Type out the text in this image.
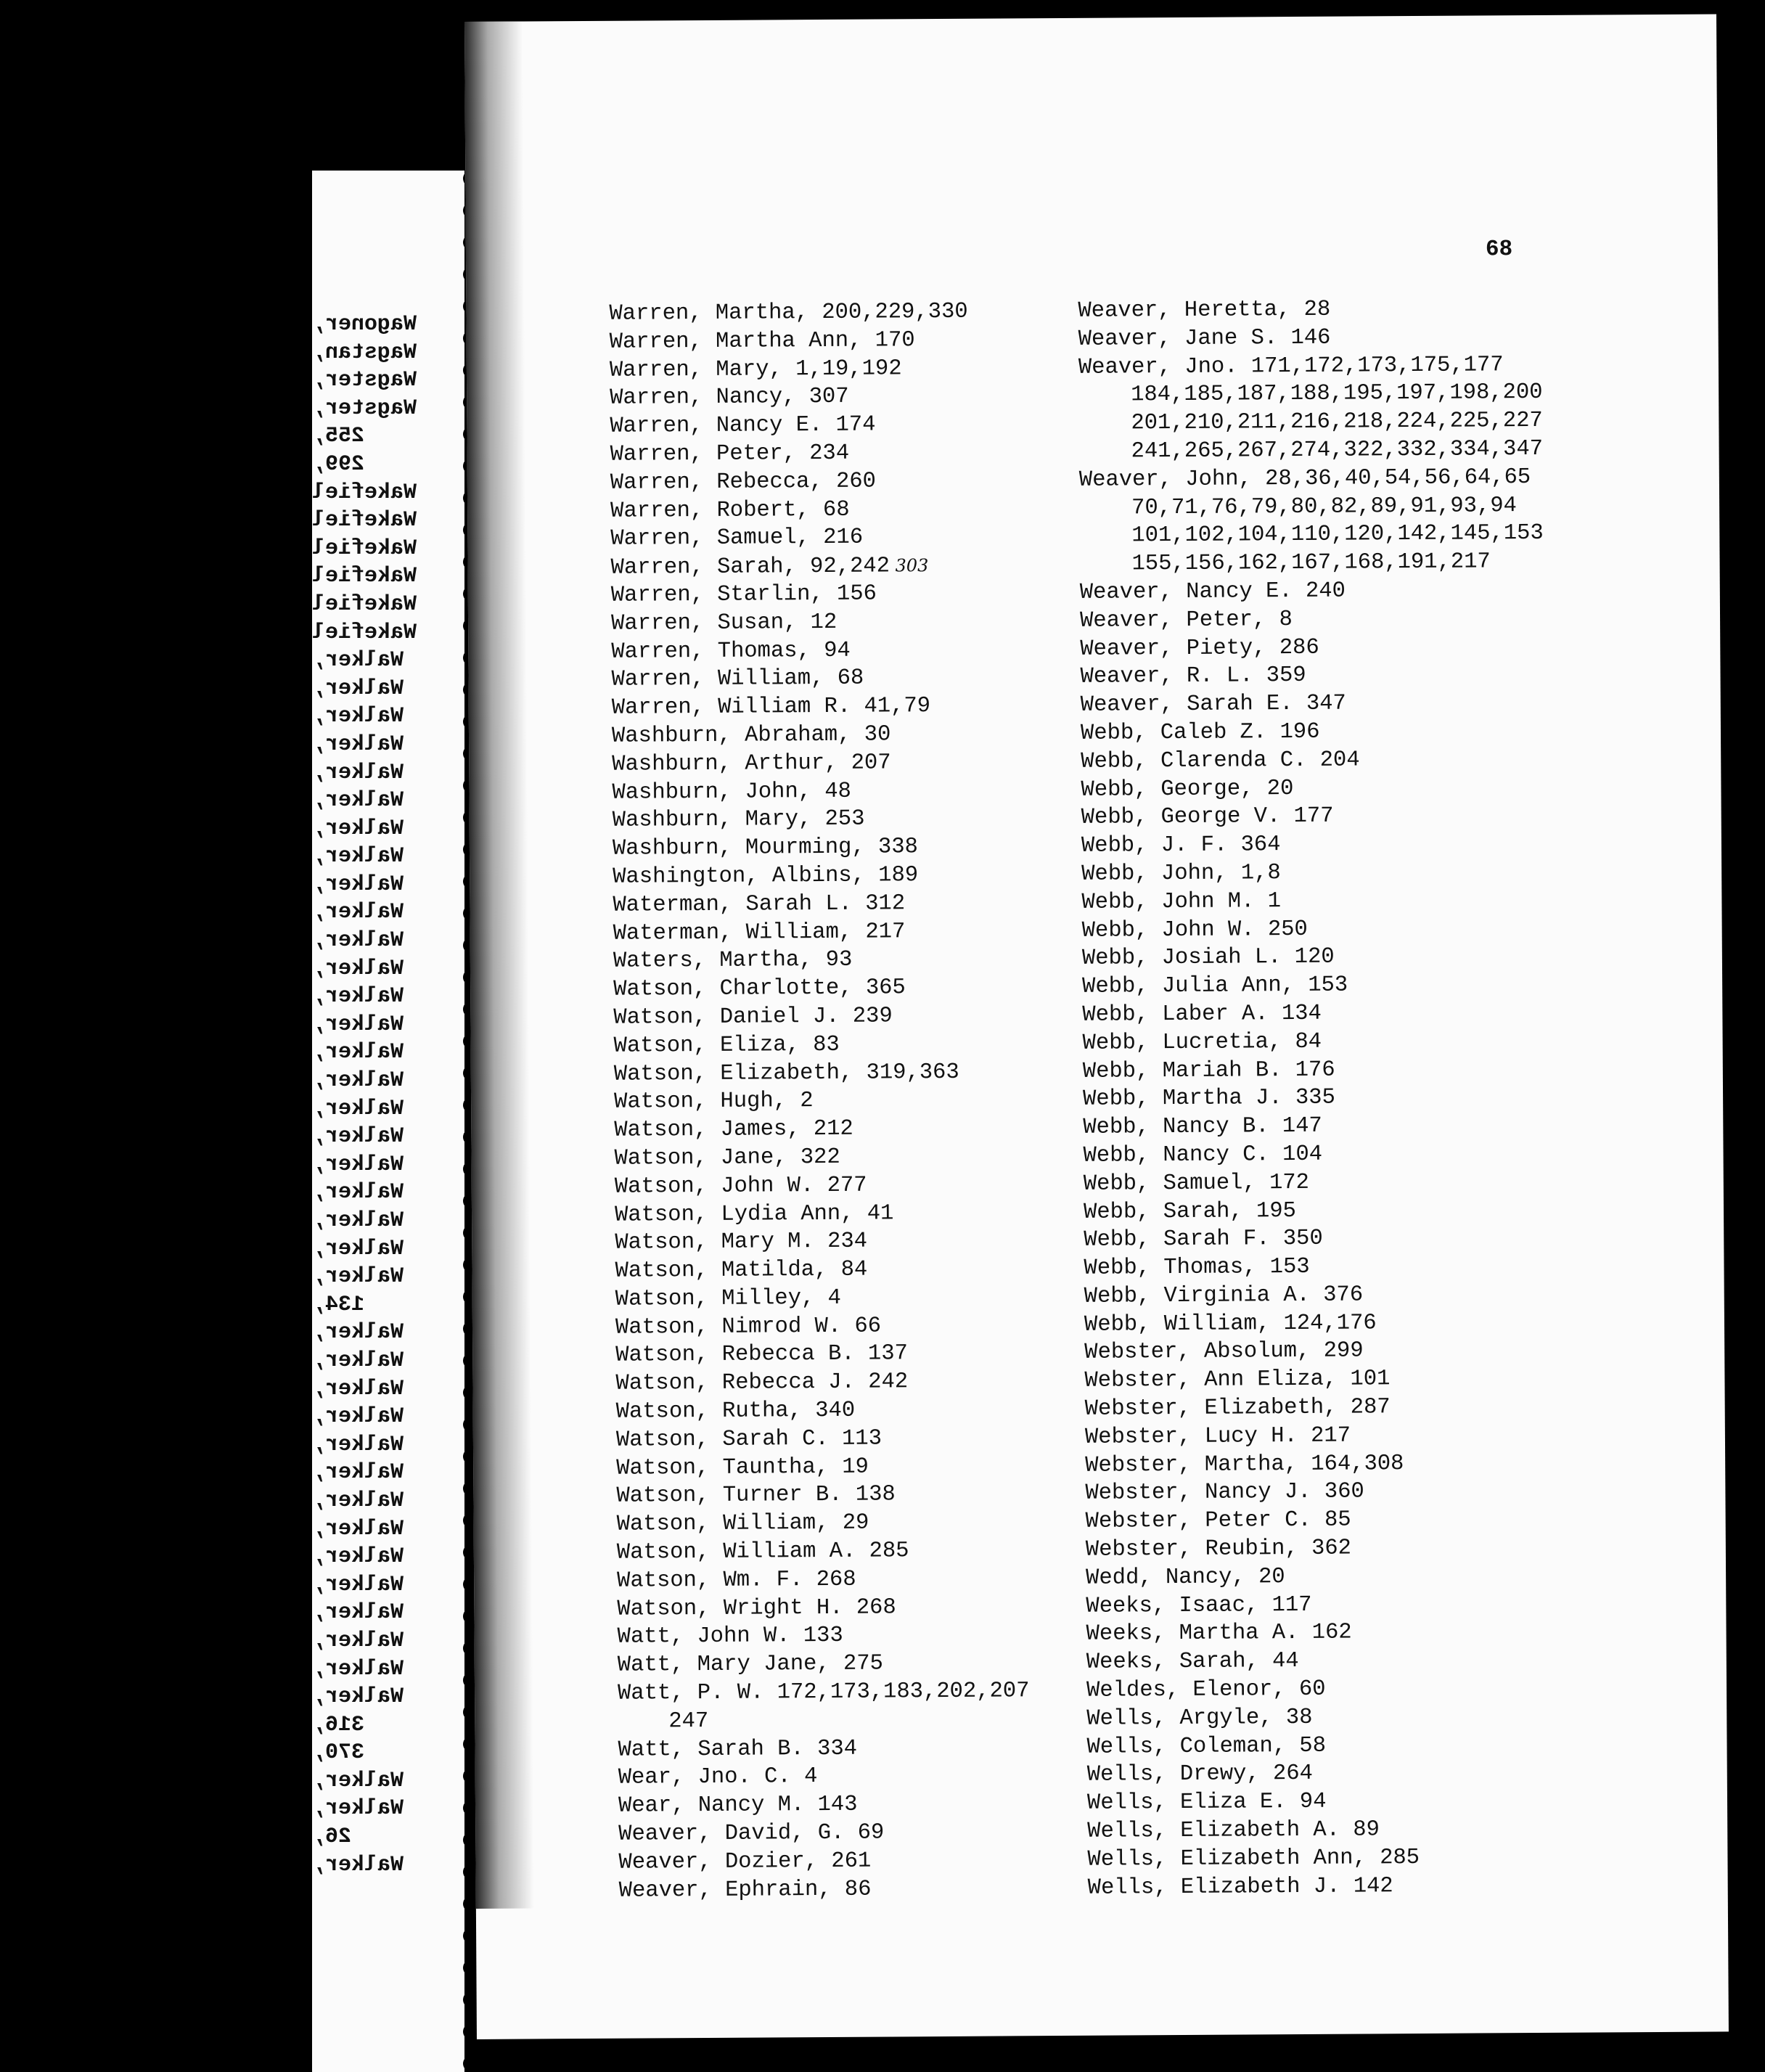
Wagoner,
Wagstan,
Wagster,
Wagster,
255,
299,
Wakefiel
Wakefiel
Wakefiel
Wakefiel
Wakefiel
Wakefiel
Walker,
Walker,
Walker,
Walker,
Walker,
Walker,
Walker,
Walker,
Walker,
Walker,
Walker,
Walker,
Walker,
Walker,
Walker,
Walker,
Walker,
Walker,
Walker,
Walker,
Walker,
Walker,
Walker,
134,
Walker,
Walker,
Walker,
Walker,
Walker,
Walker,
Walker,
Walker,
Walker,
Walker,
Walker,
Walker,
Walker,
Walker,
316,
370,
Walker,
Walker,
26,
Walker,
68
Warren, Martha, 200,229,330
Warren, Martha Ann, 170
Warren, Mary, 1,19,192
Warren, Nancy, 307
Warren, Nancy E. 174
Warren, Peter, 234
Warren, Rebecca, 260
Warren, Robert, 68
Warren, Samuel, 216
Warren, Sarah, 92,242 303
Warren, Starlin, 156
Warren, Susan, 12
Warren, Thomas, 94
Warren, William, 68
Warren, William R. 41,79
Washburn, Abraham, 30
Washburn, Arthur, 207
Washburn, John, 48
Washburn, Mary, 253
Washburn, Mourming, 338
Washington, Albins, 189
Waterman, Sarah L. 312
Waterman, William, 217
Waters, Martha, 93
Watson, Charlotte, 365
Watson, Daniel J. 239
Watson, Eliza, 83
Watson, Elizabeth, 319,363
Watson, Hugh, 2
Watson, James, 212
Watson, Jane, 322
Watson, John W. 277
Watson, Lydia Ann, 41
Watson, Mary M. 234
Watson, Matilda, 84
Watson, Milley, 4
Watson, Nimrod W. 66
Watson, Rebecca B. 137
Watson, Rebecca J. 242
Watson, Rutha, 340
Watson, Sarah C. 113
Watson, Tauntha, 19
Watson, Turner B. 138
Watson, William, 29
Watson, William A. 285
Watson, Wm. F. 268
Watson, Wright H. 268
Watt, John W. 133
Watt, Mary Jane, 275
Watt, P. W. 172,173,183,202,207
247
Watt, Sarah B. 334
Wear, Jno. C. 4
Wear, Nancy M. 143
Weaver, David, G. 69
Weaver, Dozier, 261
Weaver, Ephrain, 86
Weaver, Heretta, 28
Weaver, Jane S. 146
Weaver, Jno. 171,172,173,175,177
184,185,187,188,195,197,198,200
201,210,211,216,218,224,225,227
241,265,267,274,322,332,334,347
Weaver, John, 28,36,40,54,56,64,65
70,71,76,79,80,82,89,91,93,94
101,102,104,110,120,142,145,153
155,156,162,167,168,191,217
Weaver, Nancy E. 240
Weaver, Peter, 8
Weaver, Piety, 286
Weaver, R. L. 359
Weaver, Sarah E. 347
Webb, Caleb Z. 196
Webb, Clarenda C. 204
Webb, George, 20
Webb, George V. 177
Webb, J. F. 364
Webb, John, 1,8
Webb, John M. 1
Webb, John W. 250
Webb, Josiah L. 120
Webb, Julia Ann, 153
Webb, Laber A. 134
Webb, Lucretia, 84
Webb, Mariah B. 176
Webb, Martha J. 335
Webb, Nancy B. 147
Webb, Nancy C. 104
Webb, Samuel, 172
Webb, Sarah, 195
Webb, Sarah F. 350
Webb, Thomas, 153
Webb, Virginia A. 376
Webb, William, 124,176
Webster, Absolum, 299
Webster, Ann Eliza, 101
Webster, Elizabeth, 287
Webster, Lucy H. 217
Webster, Martha, 164,308
Webster, Nancy J. 360
Webster, Peter C. 85
Webster, Reubin, 362
Wedd, Nancy, 20
Weeks, Isaac, 117
Weeks, Martha A. 162
Weeks, Sarah, 44
Weldes, Elenor, 60
Wells, Argyle, 38
Wells, Coleman, 58
Wells, Drewy, 264
Wells, Eliza E. 94
Wells, Elizabeth A. 89
Wells, Elizabeth Ann, 285
Wells, Elizabeth J. 142
